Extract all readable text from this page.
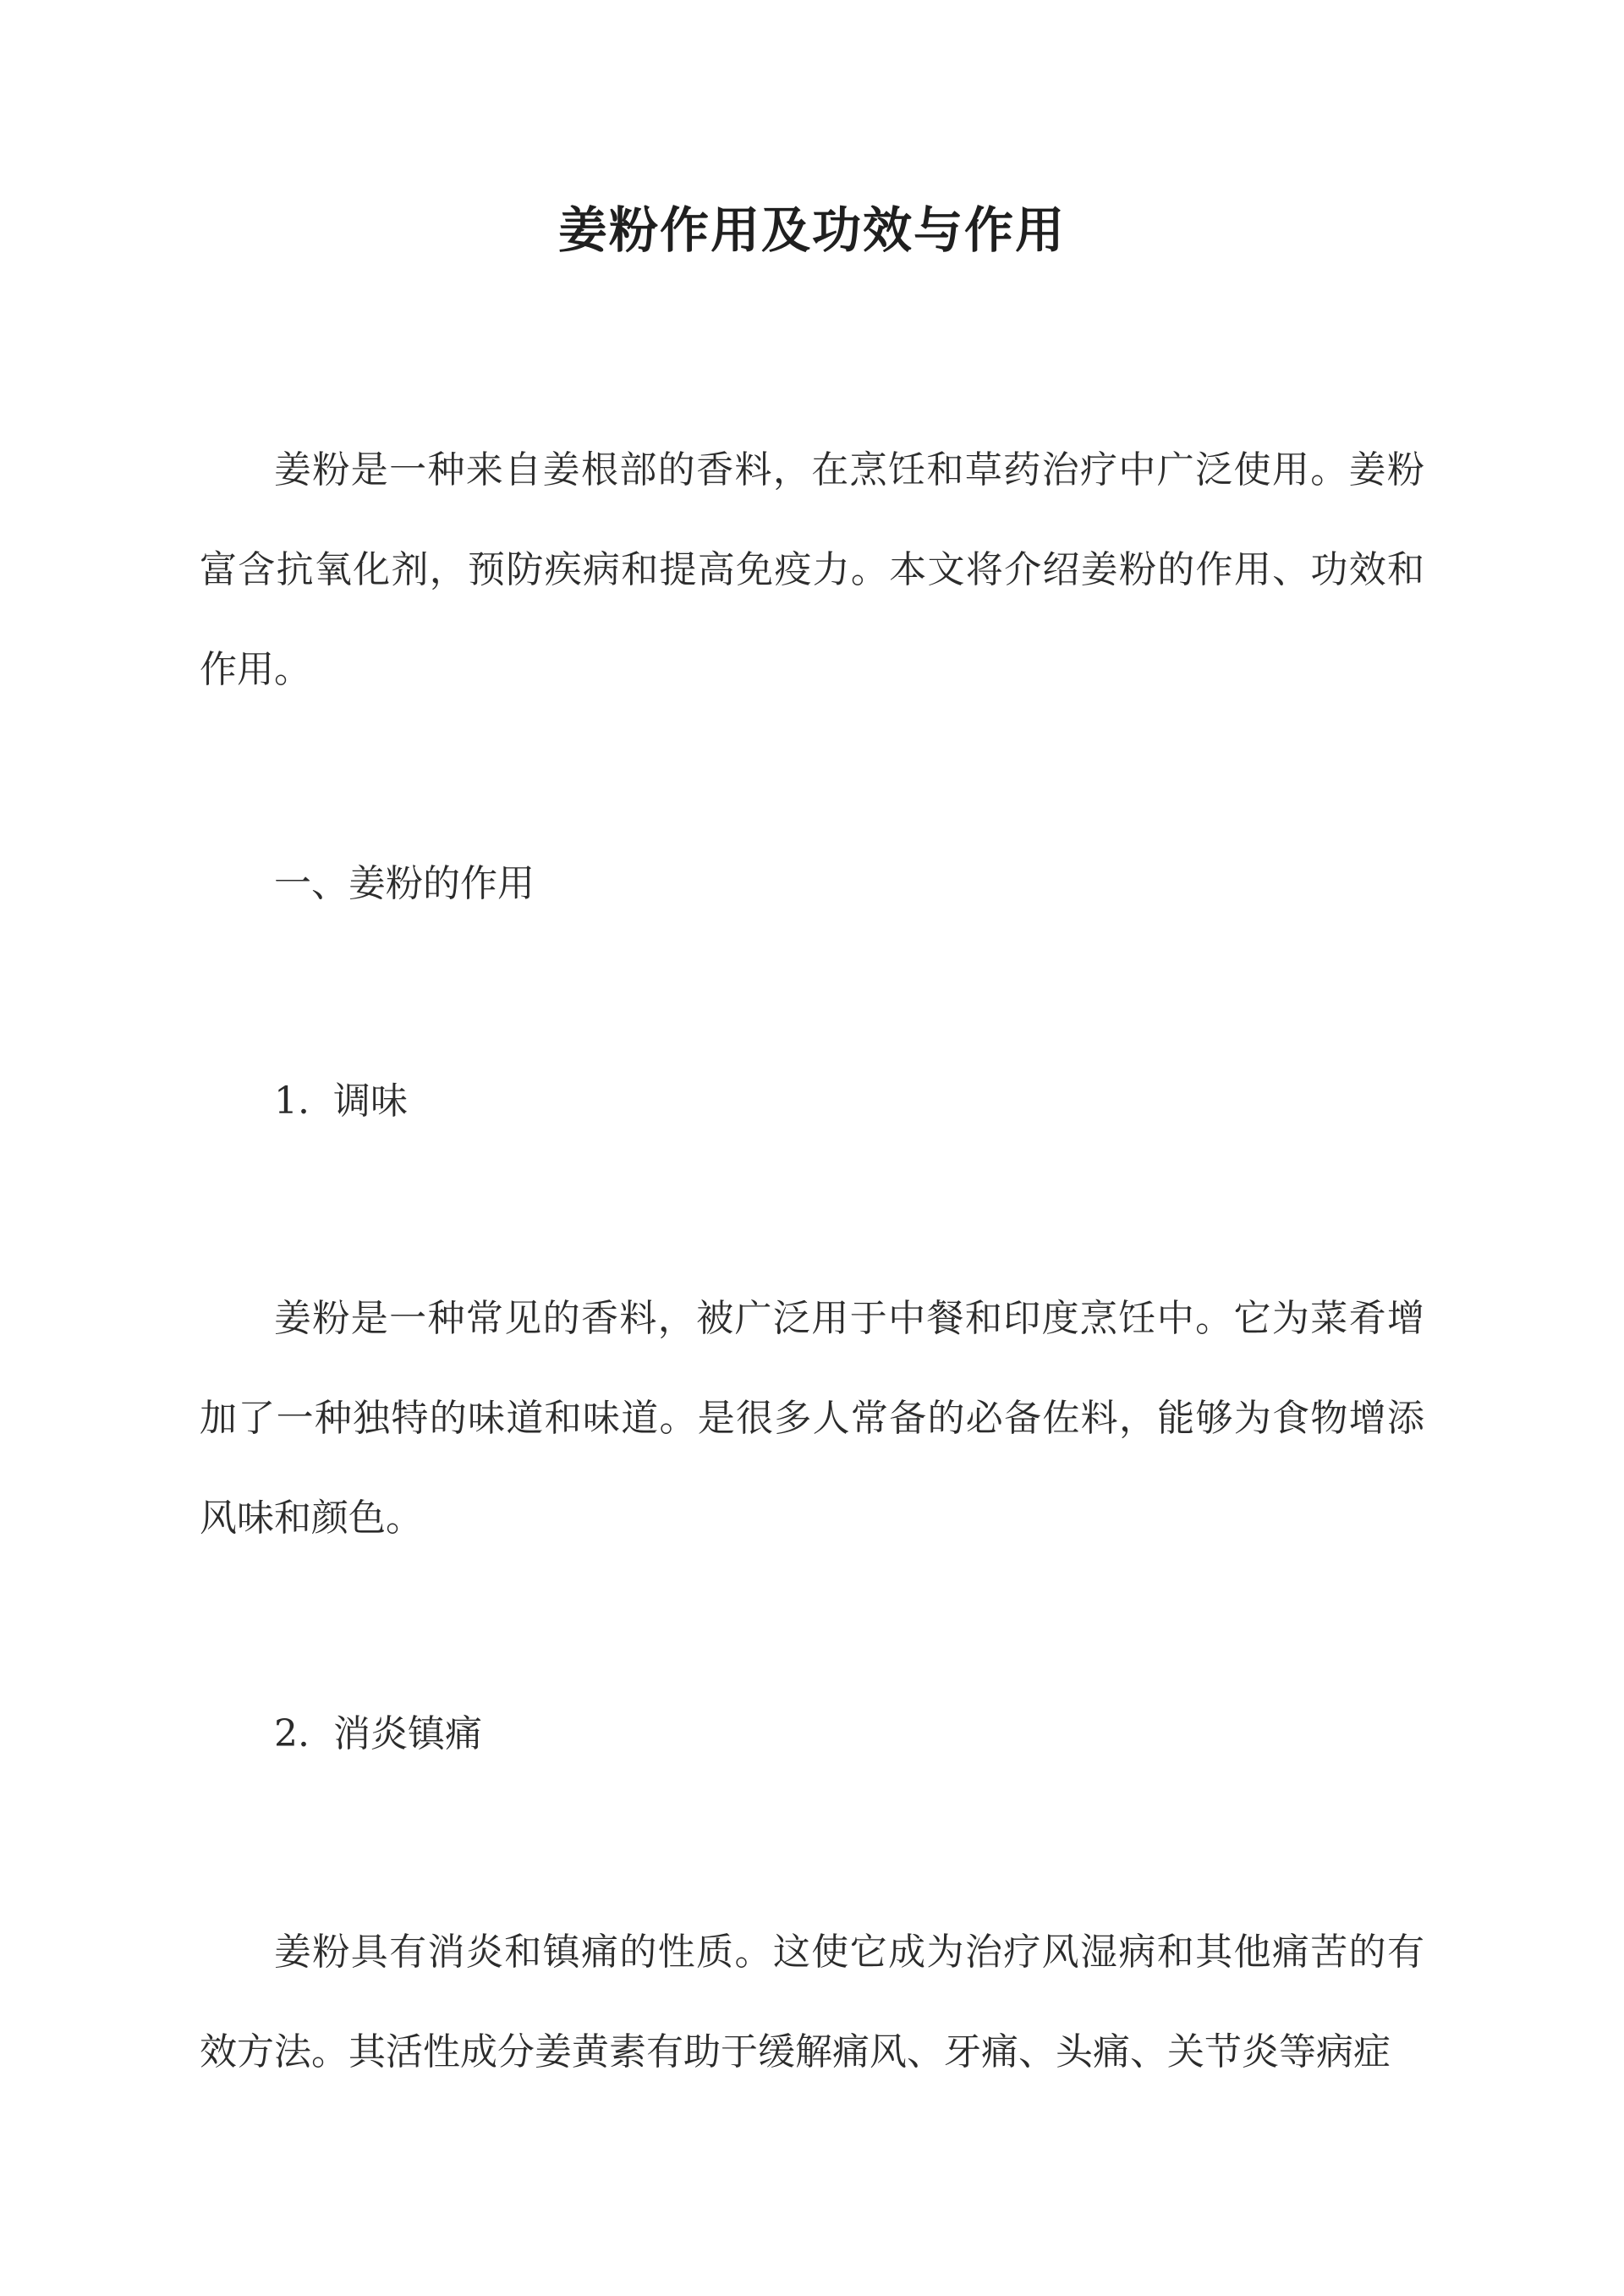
姜粉作用及功效与作用
姜粉是一种来自姜根部的香料，在烹饪和草药治疗中广泛使用。姜粉富含抗氧化剂，预防疾病和提高免疫力。本文将介绍姜粉的作用、功效和作用。
一、姜粉的作用
1. 调味
姜粉是一种常见的香料，被广泛用于中餐和印度烹饪中。它为菜肴增加了一种独特的味道和味道。是很多人常备的必备佐料，能够为食物增添风味和颜色。
2. 消炎镇痛
姜粉具有消炎和镇痛的性质。这使它成为治疗风湿病和其他痛苦的有效方法。其活性成分姜黄素有助于缓解痛风、牙痛、头痛、关节炎等病症
